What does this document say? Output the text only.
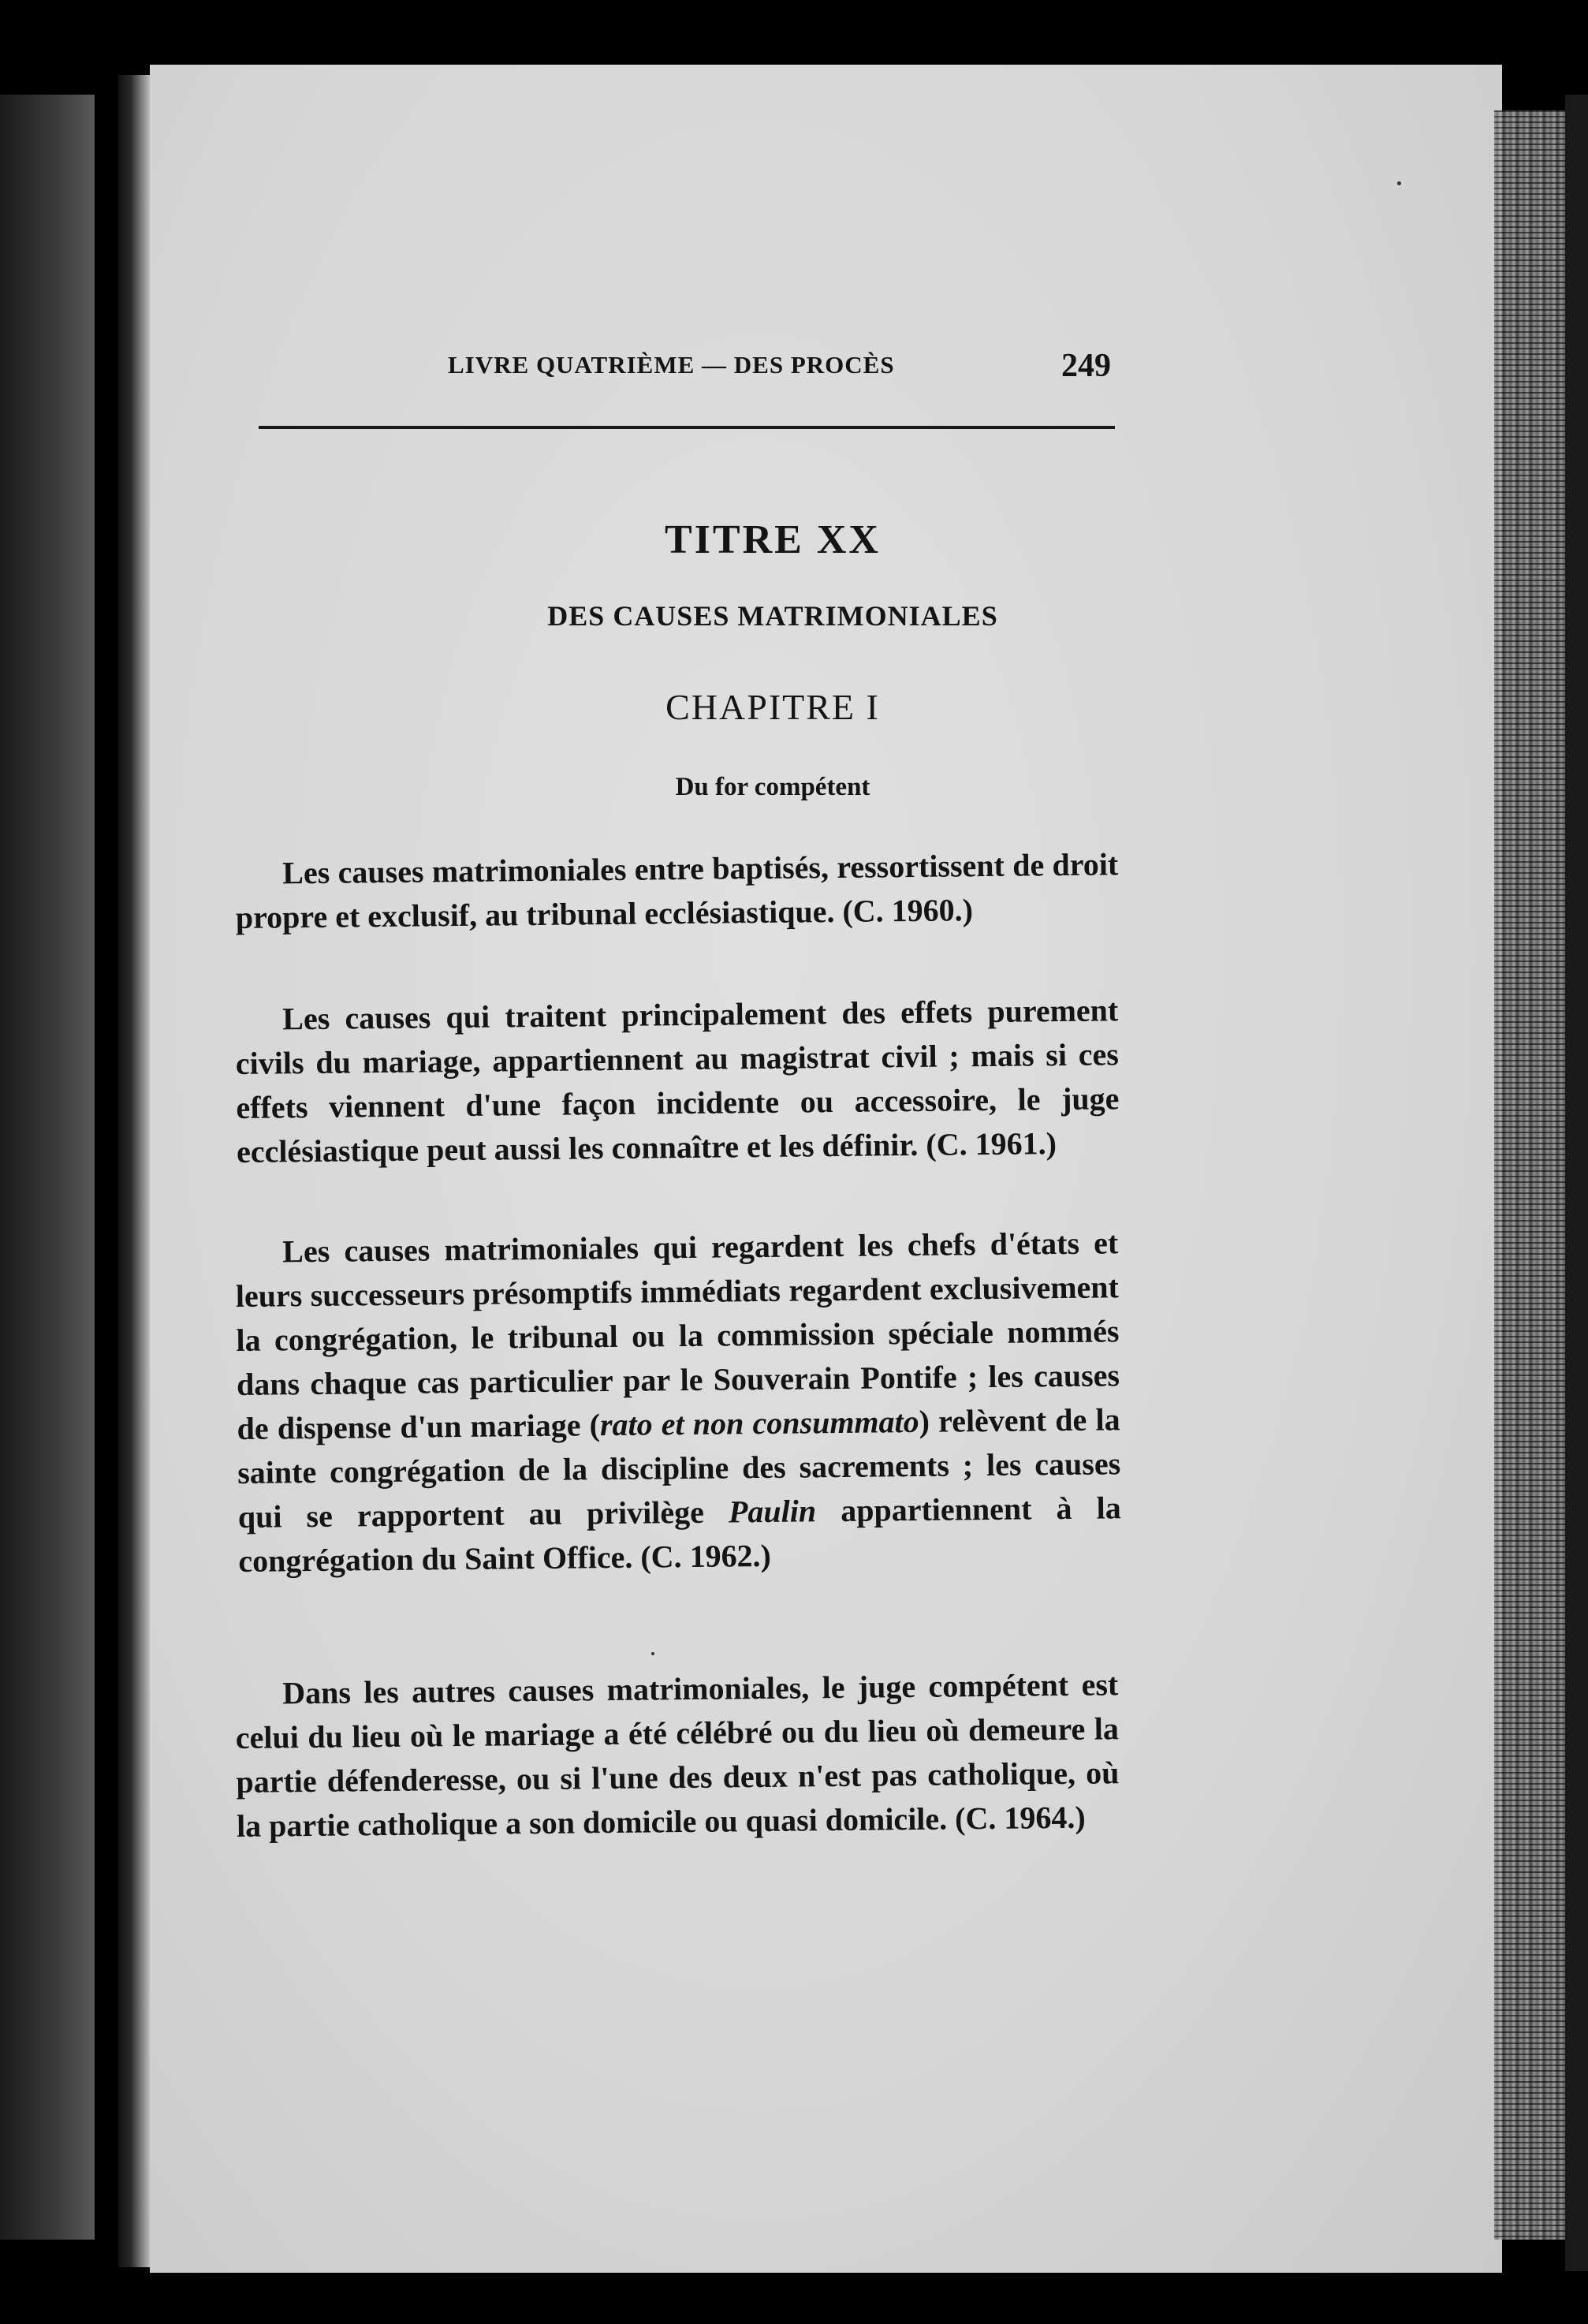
LIVRE QUATRIÈME — DES PROCÈS	249
TITRE XX
DES CAUSES MATRIMONIALES
CHAPITRE I
Du for compétent
Les causes matrimoniales entre baptisés, ressortissent de droit propre et exclusif, au tribunal ecclésiastique. (C. 1960.)
Les causes qui traitent principalement des effets purement civils du mariage, appartiennent au magistrat civil ; mais si ces effets viennent d'une façon incidente ou accessoire, le juge ecclésiastique peut aussi les connaître et les définir. (C. 1961.)
Les causes matrimoniales qui regardent les chefs d'états et leurs successeurs présomptifs immédiats regardent exclusivement la congrégation, le tribunal ou la commission spéciale nommés dans chaque cas particulier par le Souverain Pontife ; les causes de dispense d'un mariage (rato et non consummato) relèvent de la sainte congrégation de la discipline des sacrements ; les causes qui se rapportent au privilège Paulin appartiennent à la congrégation du Saint Office. (C. 1962.)
Dans les autres causes matrimoniales, le juge compétent est celui du lieu où le mariage a été célébré ou du lieu où demeure la partie défenderesse, ou si l'une des deux n'est pas catholique, où la partie catholique a son domicile ou quasi domicile. (C. 1964.)
